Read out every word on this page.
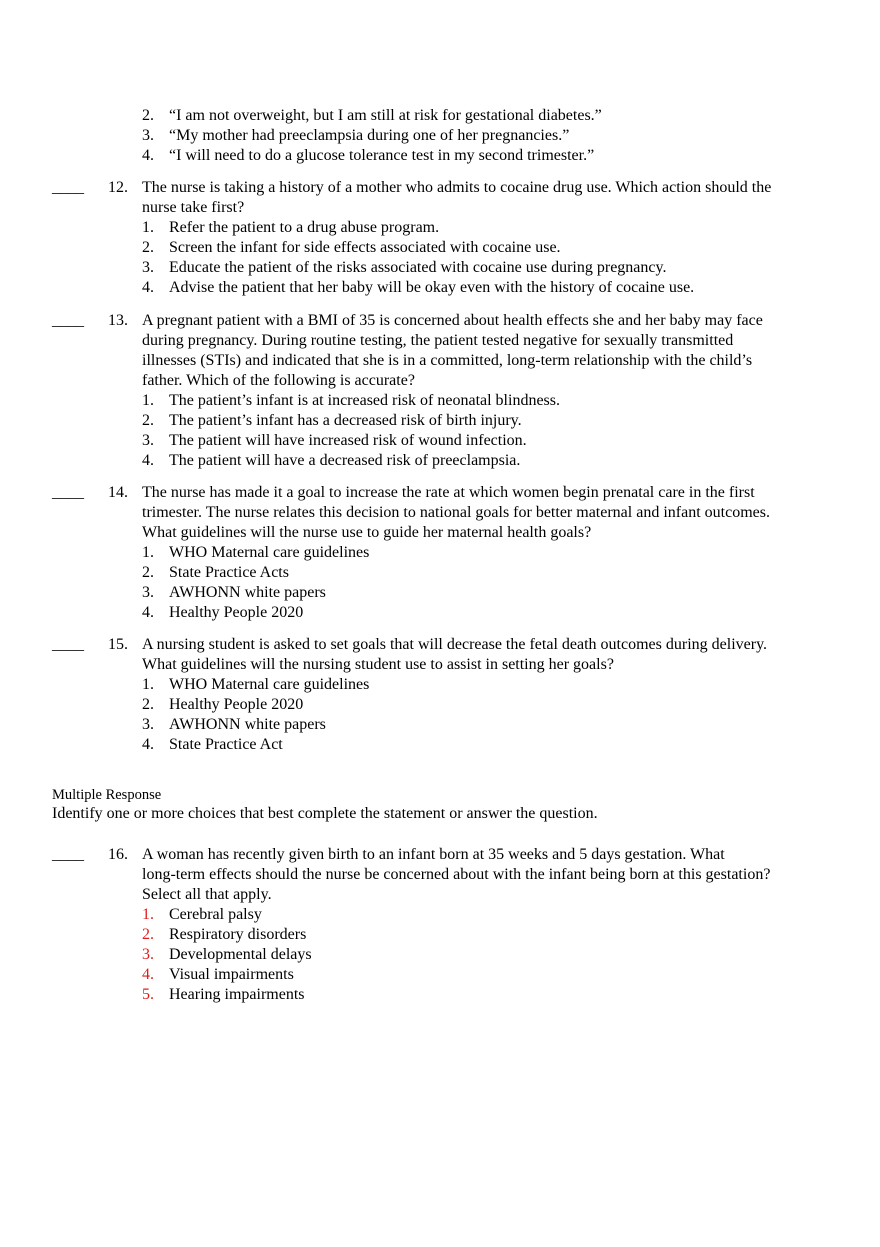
2. “I am not overweight, but I am still at risk for gestational diabetes.”
3. “My mother had preeclampsia during one of her pregnancies.”
4. “I will need to do a glucose tolerance test in my second trimester.”
____ 12. The nurse is taking a history of a mother who admits to cocaine drug use. Which action should the
nurse take first?
1. Refer the patient to a drug abuse program.
2. Screen the infant for side effects associated with cocaine use.
3. Educate the patient of the risks associated with cocaine use during pregnancy.
4. Advise the patient that her baby will be okay even with the history of cocaine use.
____ 13. A pregnant patient with a BMI of 35 is concerned about health effects she and her baby may face
during pregnancy. During routine testing, the patient tested negative for sexually transmitted
illnesses (STIs) and indicated that she is in a committed, long-term relationship with the child’s
father. Which of the following is accurate?
1. The patient’s infant is at increased risk of neonatal blindness.
2. The patient’s infant has a decreased risk of birth injury.
3. The patient will have increased risk of wound infection.
4. The patient will have a decreased risk of preeclampsia.
____ 14. The nurse has made it a goal to increase the rate at which women begin prenatal care in the first
trimester. The nurse relates this decision to national goals for better maternal and infant outcomes.
What guidelines will the nurse use to guide her maternal health goals?
1. WHO Maternal care guidelines
2. State Practice Acts
3. AWHONN white papers
4. Healthy People 2020
____ 15. A nursing student is asked to set goals that will decrease the fetal death outcomes during delivery.
What guidelines will the nursing student use to assist in setting her goals?
1. WHO Maternal care guidelines
2. Healthy People 2020
3. AWHONN white papers
4. State Practice Act
Multiple Response
Identify one or more choices that best complete the statement or answer the question.
____ 16. A woman has recently given birth to an infant born at 35 weeks and 5 days gestation. What
long-term effects should the nurse be concerned about with the infant being born at this gestation?
Select all that apply.
1. Cerebral palsy
2. Respiratory disorders
3. Developmental delays
4. Visual impairments
5. Hearing impairments
